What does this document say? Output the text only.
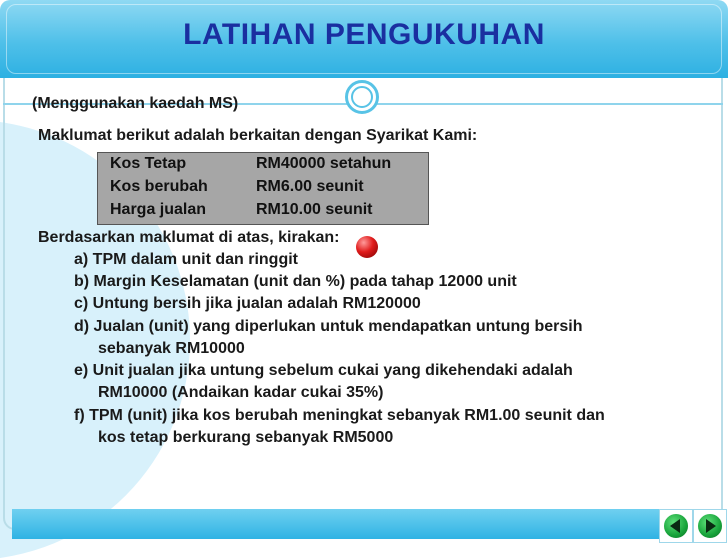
LATIHAN PENGUKUHAN
(Menggunakan kaedah MS)
Maklumat berikut adalah berkaitan dengan Syarikat Kami:
Kos Tetap	RM40000 setahun
Kos berubah	RM6.00 seunit
Harga jualan	RM10.00 seunit
Berdasarkan maklumat di atas, kirakan:
a) TPM dalam unit dan ringgit
b) Margin Keselamatan (unit dan %) pada tahap 12000 unit
c) Untung bersih jika jualan adalah RM120000
d) Jualan (unit) yang diperlukan untuk mendapatkan untung bersih
sebanyak RM10000
e) Unit jualan jika untung sebelum cukai yang dikehendaki adalah
RM10000 (Andaikan kadar cukai 35%)
f) TPM (unit) jika kos berubah meningkat sebanyak RM1.00 seunit dan
kos tetap berkurang sebanyak RM5000
